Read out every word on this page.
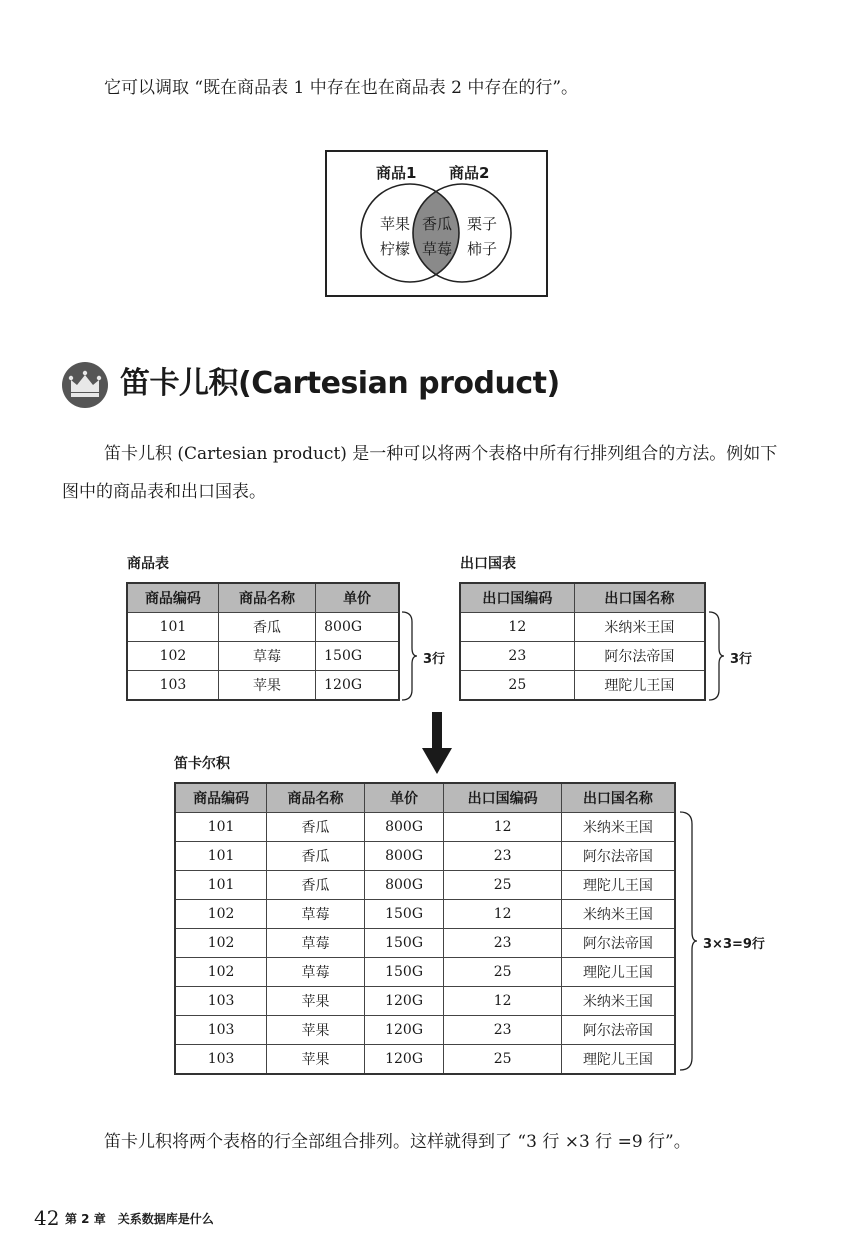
它可以调取 “既在商品表 1 中存在也在商品表 2 中存在的行”。
商品1 商品2
苹果
柠檬
香瓜
草莓
栗子
柿子
笛卡儿积(Cartesian product)
笛卡儿积 (Cartesian product) 是一种可以将两个表格中所有行排列组合的方法。例如下
图中的商品表和出口国表。
商品表
商品编码	商品名称	单价
101	香瓜	800G
102	草莓	150G
103	苹果	120G
3行
出口国表
出口国编码	出口国名称
12	米纳米王国
23	阿尔法帝国
25	理陀儿王国
3行
笛卡尔积
商品编码	商品名称	单价	出口国编码	出口国名称
101	香瓜	800G	12	米纳米王国
101	香瓜	800G	23	阿尔法帝国
101	香瓜	800G	25	理陀儿王国
102	草莓	150G	12	米纳米王国
102	草莓	150G	23	阿尔法帝国
102	草莓	150G	25	理陀儿王国
103	苹果	120G	12	米纳米王国
103	苹果	120G	23	阿尔法帝国
103	苹果	120G	25	理陀儿王国
3×3=9行
笛卡儿积将两个表格的行全部组合排列。这样就得到了 “3 行 ×3 行 =9 行”。
42 第 2 章　关系数据库是什么
